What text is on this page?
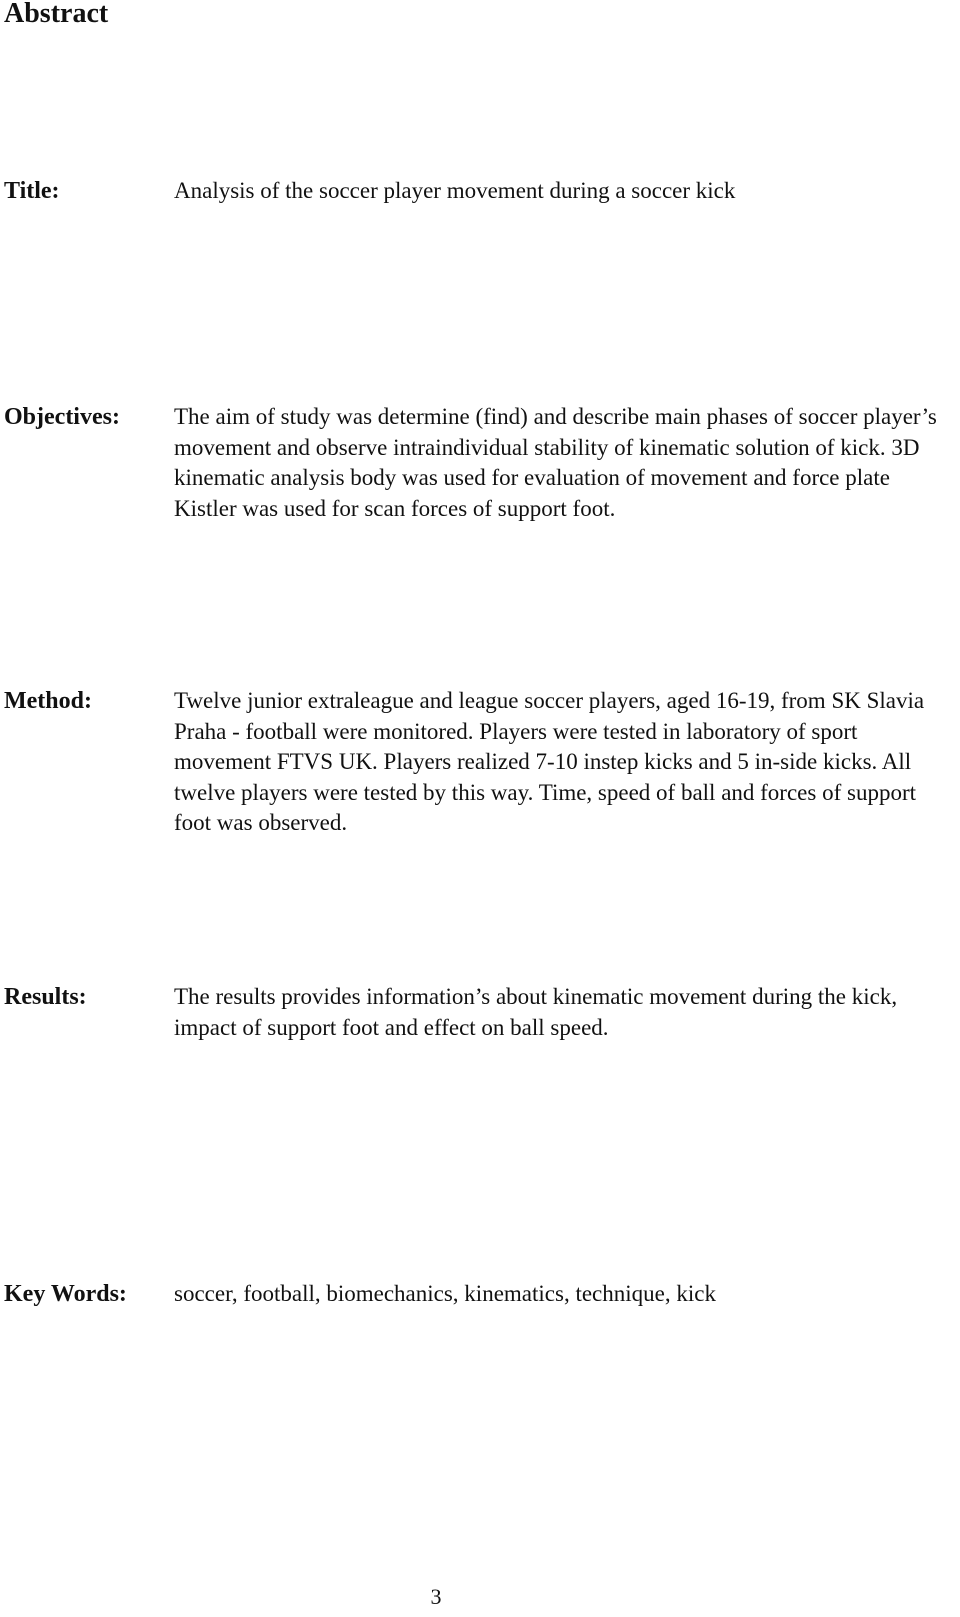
Abstract

Title:	Analysis of the soccer player movement during a soccer kick

Objectives: The aim of study was determine (find) and describe main phases of soccer player’s movement and observe intraindividual stability of kinematic solution of kick. 3D kinematic analysis body was used for evaluation of movement and force plate Kistler was used for scan forces of support foot.

Method:	Twelve junior extraleague and league soccer players, aged 16-19, from SK Slavia Praha - football were monitored. Players were tested in laboratory of sport movement FTVS UK. Players realized 7-10 instep kicks and 5 in-side kicks. All twelve players were tested by this way. Time, speed of ball and forces of support foot was observed.

Results:	The results provides information’s about kinematic movement during the kick, impact of support foot and effect on ball speed.

Key Words: soccer, football, biomechanics, kinematics, technique, kick

3
